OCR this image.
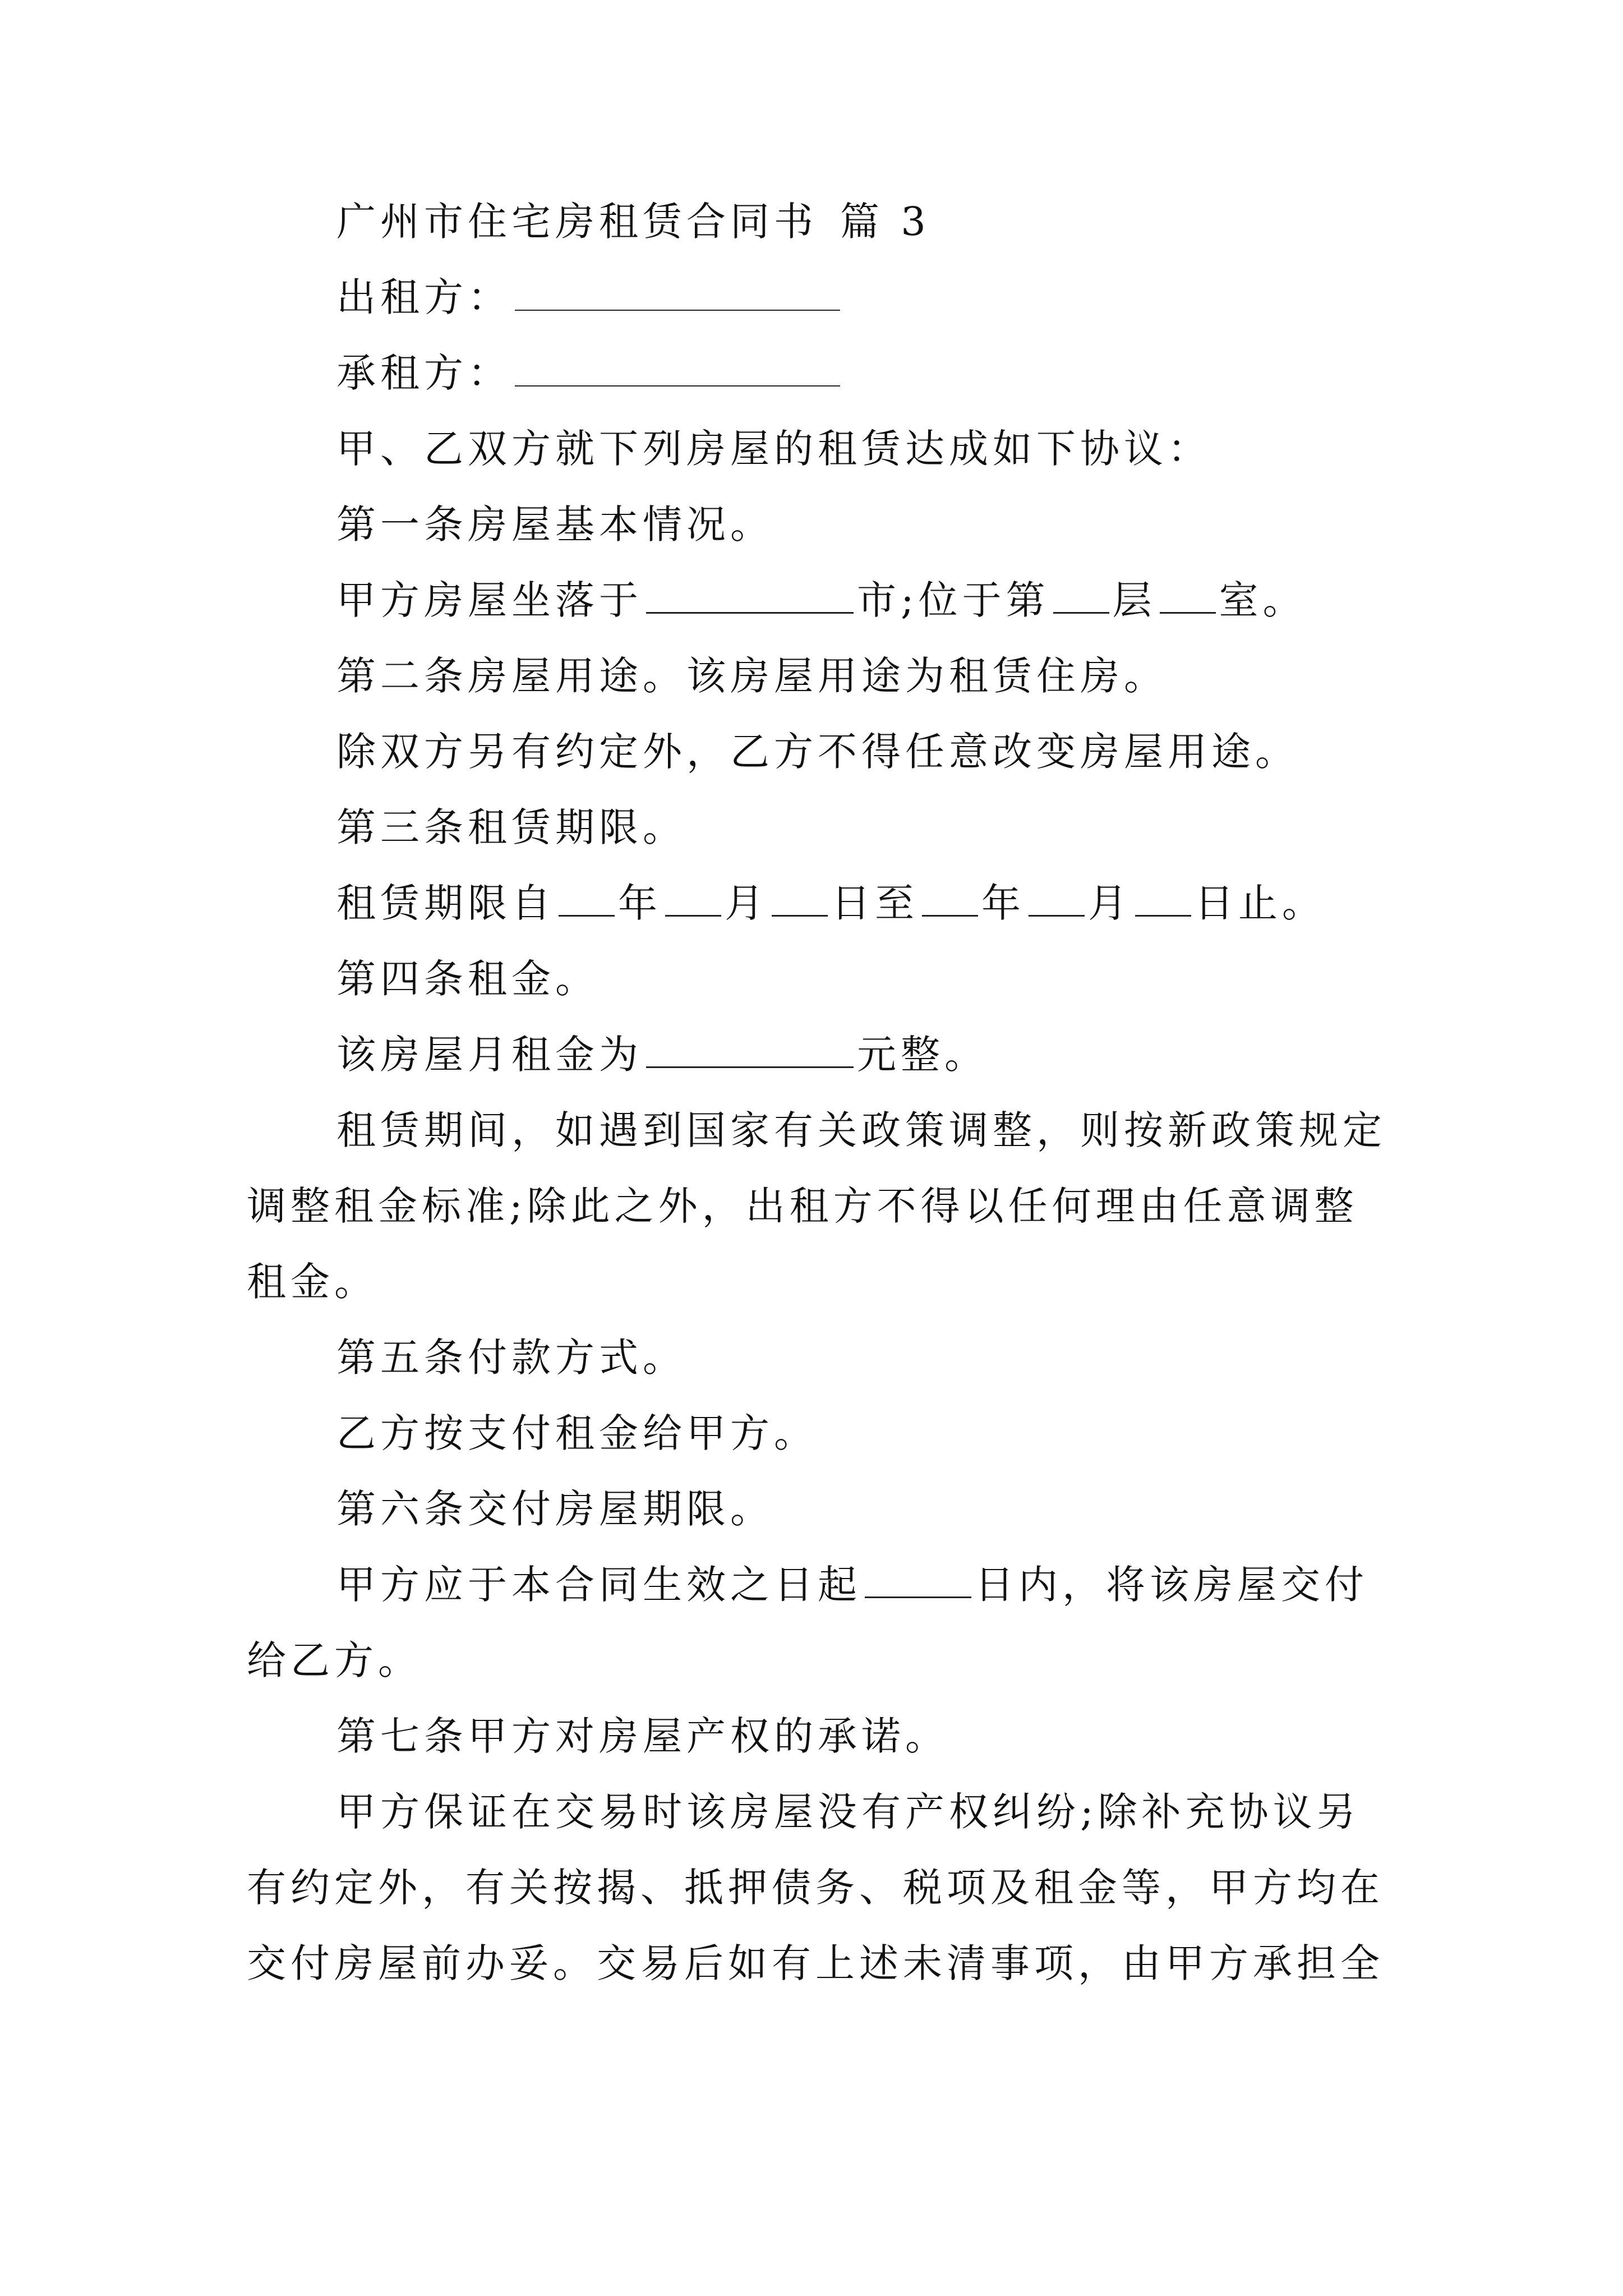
广州市住宅房租赁合同书 篇 3
出租方：
承租方：
甲、乙双方就下列房屋的租赁达成如下协议：
第一条房屋基本情况。
甲方房屋坐落于	市;位于第 层 室。
第二条房屋用途。该房屋用途为租赁住房。
除双方另有约定外，乙方不得任意改变房屋用途。
第三条租赁期限。
租赁期限自 年 月 日至 年 月 日止。
第四条租金。
该房屋月租金为	元整。
租赁期间，如遇到国家有关政策调整，则按新政策规定
调整租金标准;除此之外，出租方不得以任何理由任意调整
租金。
第五条付款方式。
乙方按支付租金给甲方。
第六条交付房屋期限。
甲方应于本合同生效之日起	日内，将该房屋交付
给乙方。
第七条甲方对房屋产权的承诺。
甲方保证在交易时该房屋没有产权纠纷;除补充协议另
有约定外，有关按揭、抵押债务、税项及租金等，甲方均在
交付房屋前办妥。交易后如有上述未清事项，由甲方承担全
